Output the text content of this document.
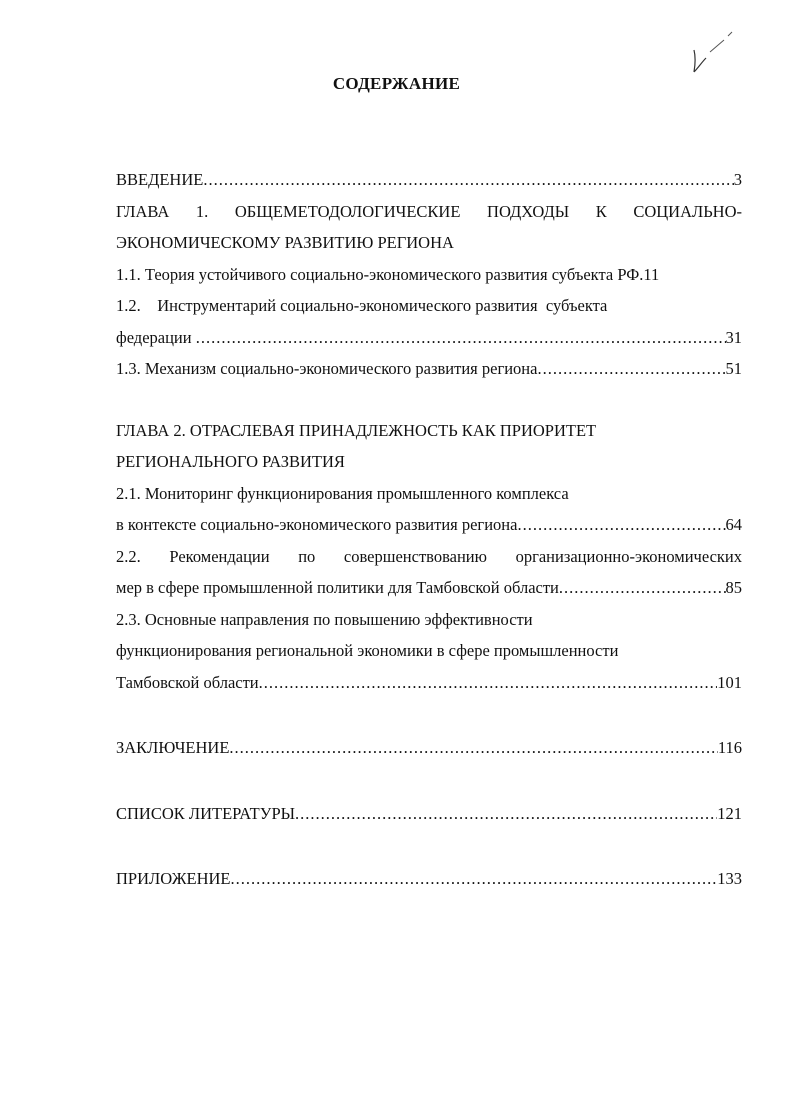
СОДЕРЖАНИЕ
ВВЕДЕНИЕ .....	3
ГЛАВА 1. ОБЩЕМЕТОДОЛОГИЧЕСКИЕ ПОДХОДЫ К СОЦИАЛЬНО-
ЭКОНОМИЧЕСКОМУ РАЗВИТИЮ РЕГИОНА
1.1. Теория устойчивого социально-экономического развития субъекта РФ. 11
1.2.    Инструментарий социально-экономического развития  субъекта
федерации .....	31
1.3. Механизм социально-экономического развития региона .....	51
ГЛАВА 2. ОТРАСЛЕВАЯ ПРИНАДЛЕЖНОСТЬ КАК ПРИОРИТЕТ
РЕГИОНАЛЬНОГО РАЗВИТИЯ
2.1. Мониторинг функционирования промышленного комплекса
в контексте социально-экономического развития региона .....	64
2.2. Рекомендации по совершенствованию организационно-экономических
мер в сфере промышленной политики для Тамбовской области .....	85
2.3. Основные направления по повышению эффективности
функционирования региональной экономики в сфере промышленности
Тамбовской области .....	101
ЗАКЛЮЧЕНИЕ .....	116
СПИСОК ЛИТЕРАТУРЫ .....	121
ПРИЛОЖЕНИЕ .....	133
